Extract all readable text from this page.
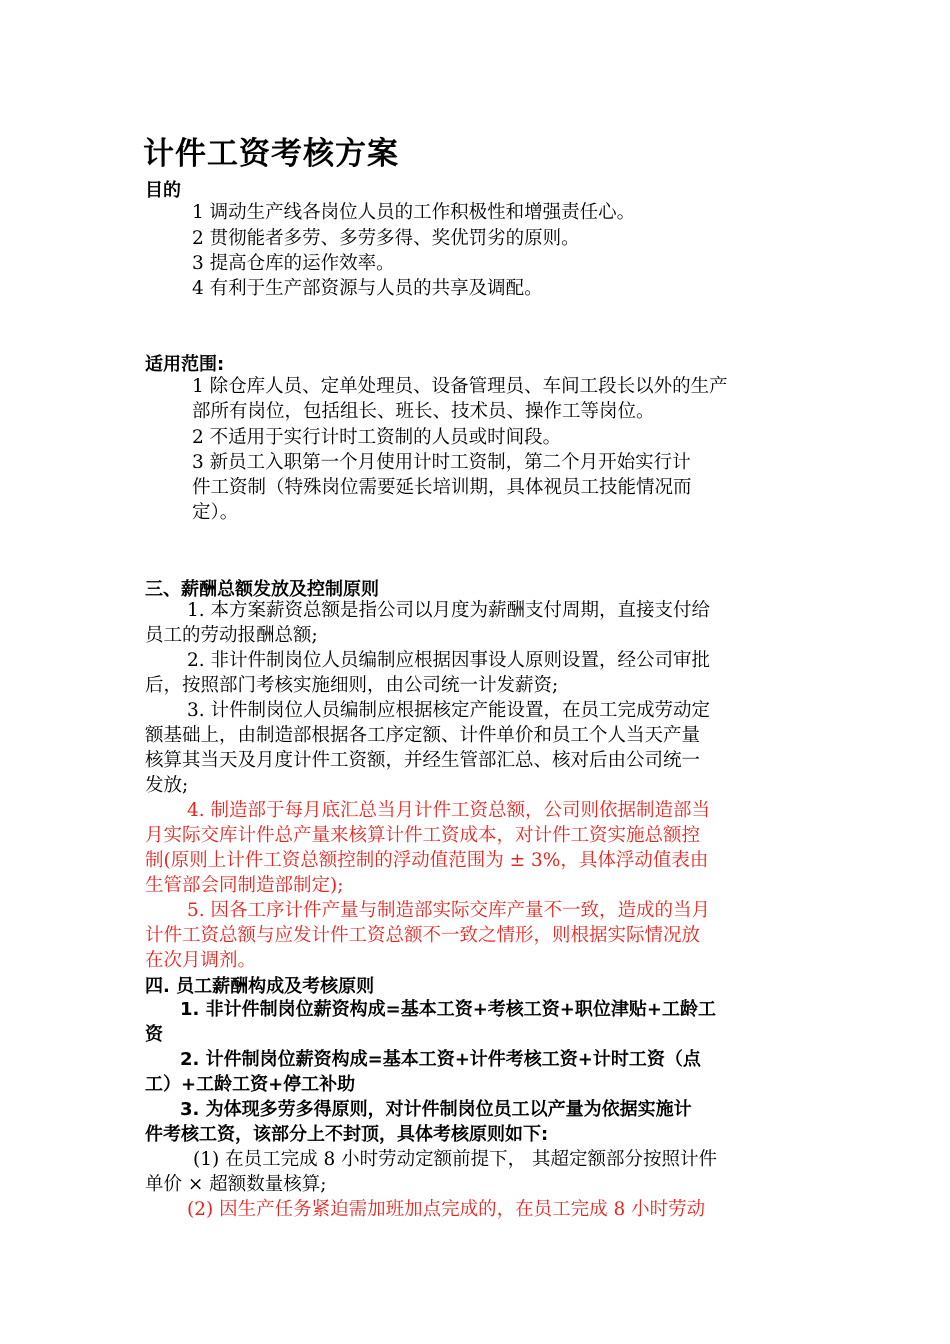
计件工资考核方案
目的
1 调动生产线各岗位人员的工作积极性和增强责任心。
2 贯彻能者多劳、多劳多得、奖优罚劣的原则。
3 提高仓库的运作效率。
4 有利于生产部资源与人员的共享及调配。
适用范围:
1 除仓库人员、定单处理员、设备管理员、车间工段长以外的生产
部所有岗位，包括组长、班长、技术员、操作工等岗位。
2 不适用于实行计时工资制的人员或时间段。
3 新员工入职第一个月使用计时工资制，第二个月开始实行计
件工资制（特殊岗位需要延长培训期，具体视员工技能情况而
定）。
三、薪酬总额发放及控制原则
1. 本方案薪资总额是指公司以月度为薪酬支付周期，直接支付给
员工的劳动报酬总额;
2. 非计件制岗位人员编制应根据因事设人原则设置，经公司审批
后，按照部门考核实施细则，由公司统一计发薪资;
3. 计件制岗位人员编制应根据核定产能设置，在员工完成劳动定
额基础上，由制造部根据各工序定额、计件单价和员工个人当天产量
核算其当天及月度计件工资额，并经生管部汇总、核对后由公司统一
发放;
4. 制造部于每月底汇总当月计件工资总额，公司则依据制造部当
月实际交库计件总产量来核算计件工资成本，对计件工资实施总额控
制(原则上计件工资总额控制的浮动值范围为 ± 3%，具体浮动值表由
生管部会同制造部制定);
5. 因各工序计件产量与制造部实际交库产量不一致，造成的当月
计件工资总额与应发计件工资总额不一致之情形，则根据实际情况放
在次月调剂。
四. 员工薪酬构成及考核原则
1. 非计件制岗位薪资构成=基本工资+考核工资+职位津贴+工龄工
资
2. 计件制岗位薪资构成=基本工资+计件考核工资+计时工资（点
工）+工龄工资+停工补助
3. 为体现多劳多得原则，对计件制岗位员工以产量为依据实施计
件考核工资，该部分上不封顶，具体考核原则如下:
(1) 在员工完成 8 小时劳动定额前提下， 其超定额部分按照计件
单价 × 超额数量核算;
(2) 因生产任务紧迫需加班加点完成的，在员工完成 8 小时劳动
